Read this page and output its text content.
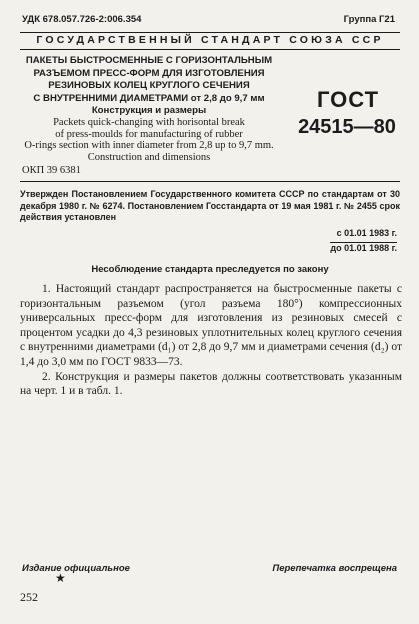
УДК 678.057.726-2:006.354	Группа Г21
ГОСУДАРСТВЕННЫЙ СТАНДАРТ СОЮЗА ССР
ПАКЕТЫ БЫСТРОСМЕННЫЕ С ГОРИЗОНТАЛЬНЫМ
РАЗЪЕМОМ ПРЕСС-ФОРМ ДЛЯ ИЗГОТОВЛЕНИЯ
РЕЗИНОВЫХ КОЛЕЦ КРУГЛОГО СЕЧЕНИЯ
С ВНУТРЕННИМИ ДИАМЕТРАМИ от 2,8 до 9,7 мм
Конструкция и размеры	ГОСТ
24515—80
Packets quick-changing with horisontal break
of press-moulds for manufacturing of rubber
O-rings section with inner diameter from 2,8 up to 9,7 mm.
Construction and dimensions
ОКП 39 6381
Утвержден Постановлением Государственного комитета СССР по стандартам от 30 декабря 1980 г. № 6274. Постановлением Госстандарта от 19 мая 1981 г. № 2455 срок действия установлен
с 01.01 1983 г.
до 01.01 1988 г.
Несоблюдение стандарта преследуется по закону

1. Настоящий стандарт распространяется на быстросменные пакеты с горизонтальным разъемом (угол разъема 180°) компрессионных универсальных пресс-форм для изготовления из резиновых смесей с процентом усадки до 4,3 резиновых уплотнительных колец круглого сечения с внутренними диаметрами (d₁) от 2,8 до 9,7 мм и диаметрами сечения (d₂) от 1,4 до 3,0 мм по ГОСТ 9833—73.

2. Конструкция и размеры пакетов должны соответствовать указанным на черт. 1 и в табл. 1.

Издание официальное	Перепечатка воспрещена
★
252
